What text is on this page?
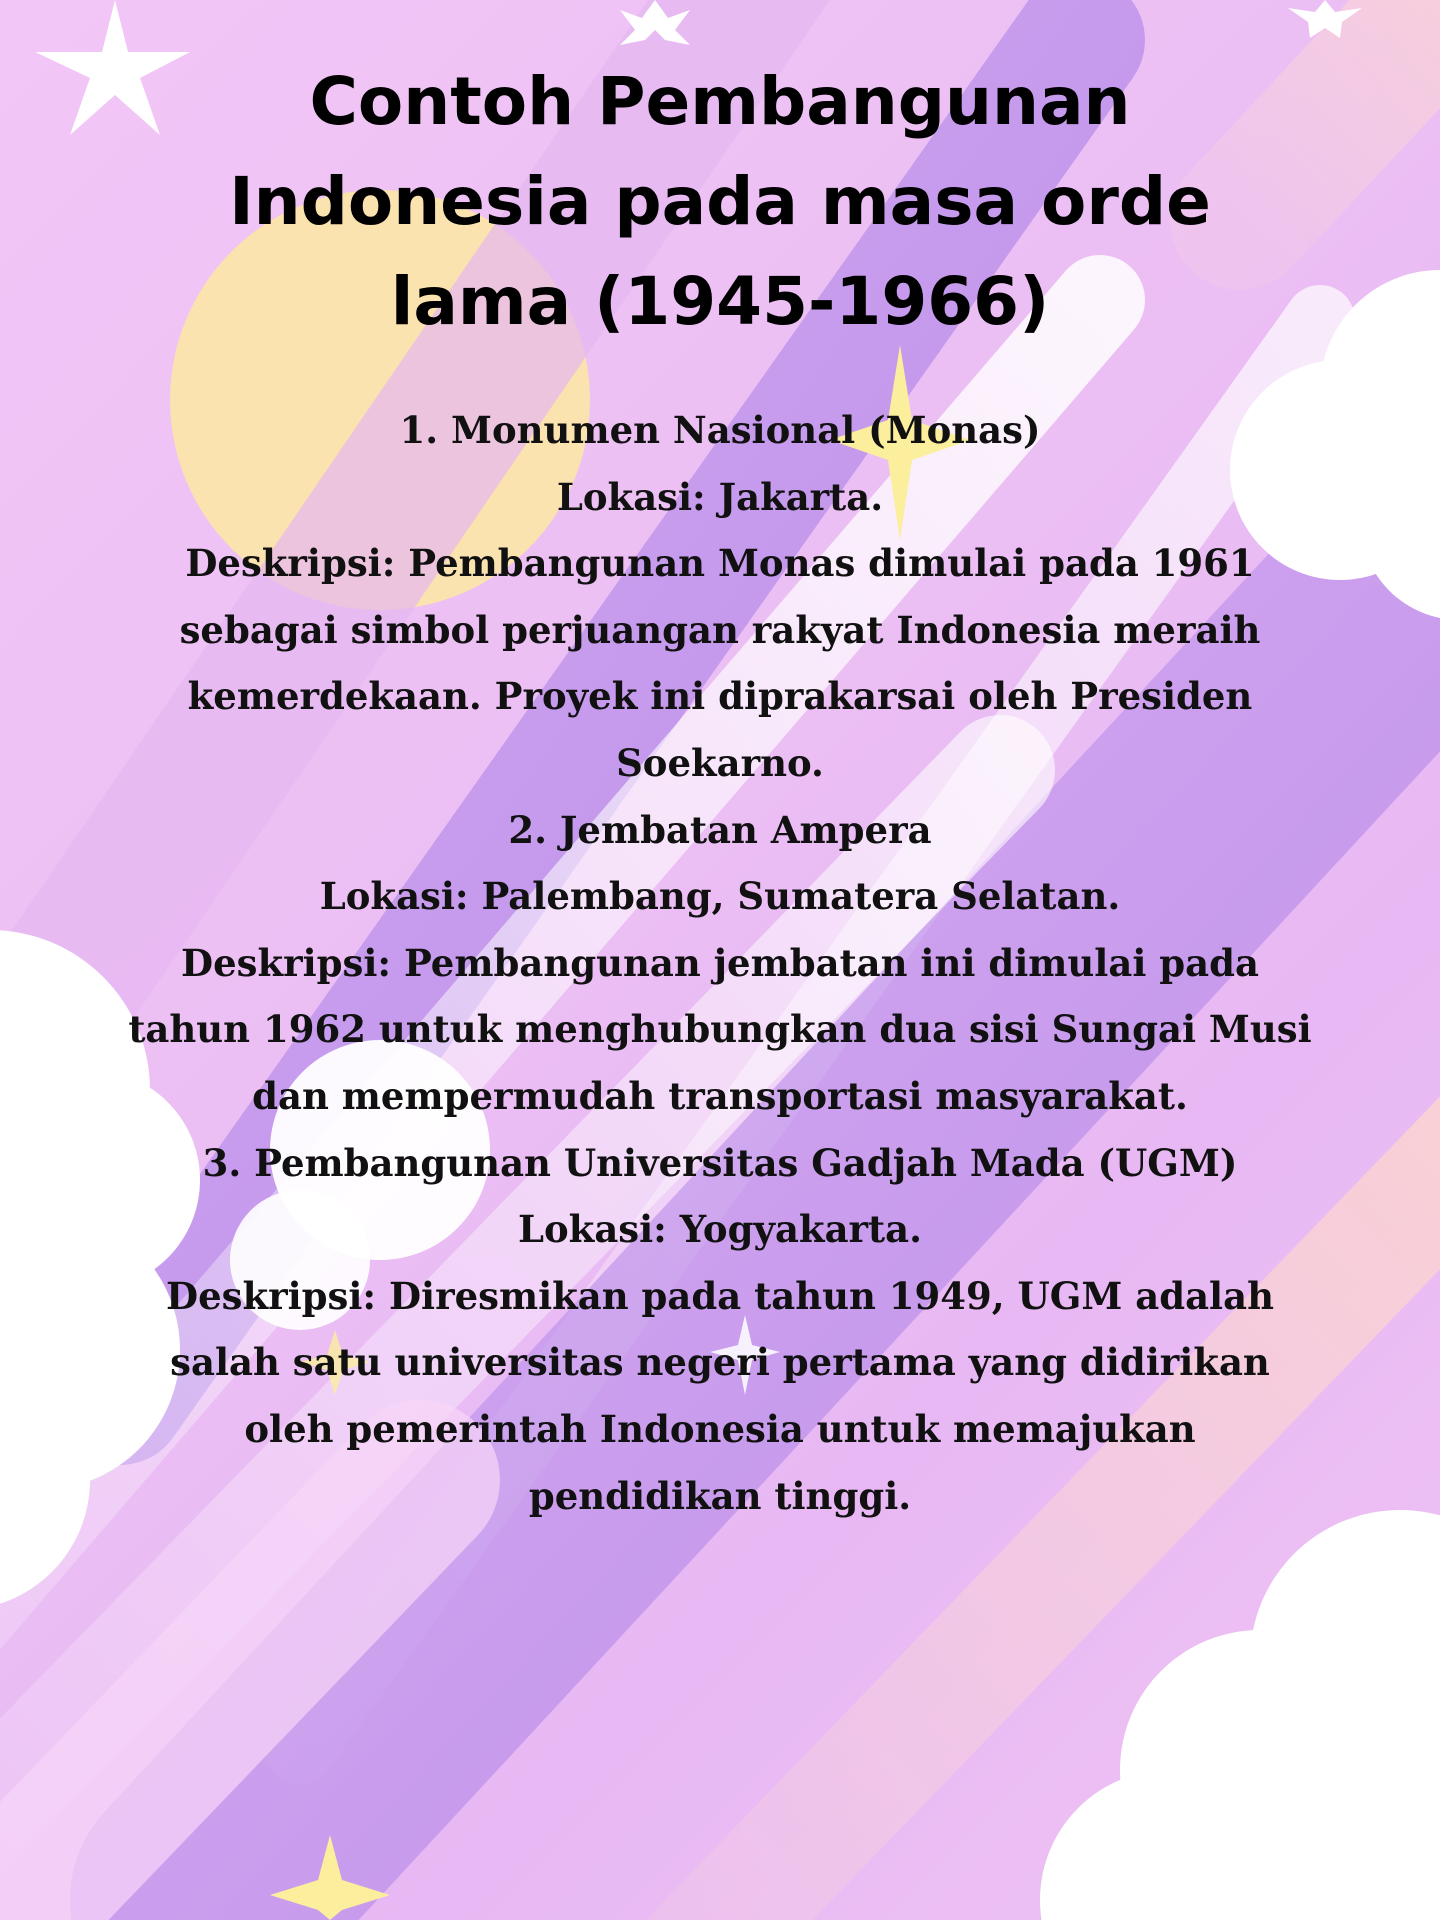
Contoh Pembangunan
Indonesia pada masa orde
lama (1945-1966)
1. Monumen Nasional (Monas)
Lokasi: Jakarta.
Deskripsi: Pembangunan Monas dimulai pada 1961
sebagai simbol perjuangan rakyat Indonesia meraih
kemerdekaan. Proyek ini diprakarsai oleh Presiden
Soekarno.
2. Jembatan Ampera
Lokasi: Palembang, Sumatera Selatan.
Deskripsi: Pembangunan jembatan ini dimulai pada
tahun 1962 untuk menghubungkan dua sisi Sungai Musi
dan mempermudah transportasi masyarakat.
3. Pembangunan Universitas Gadjah Mada (UGM)
Lokasi: Yogyakarta.
Deskripsi: Diresmikan pada tahun 1949, UGM adalah
salah satu universitas negeri pertama yang didirikan
oleh pemerintah Indonesia untuk memajukan
pendidikan tinggi.
